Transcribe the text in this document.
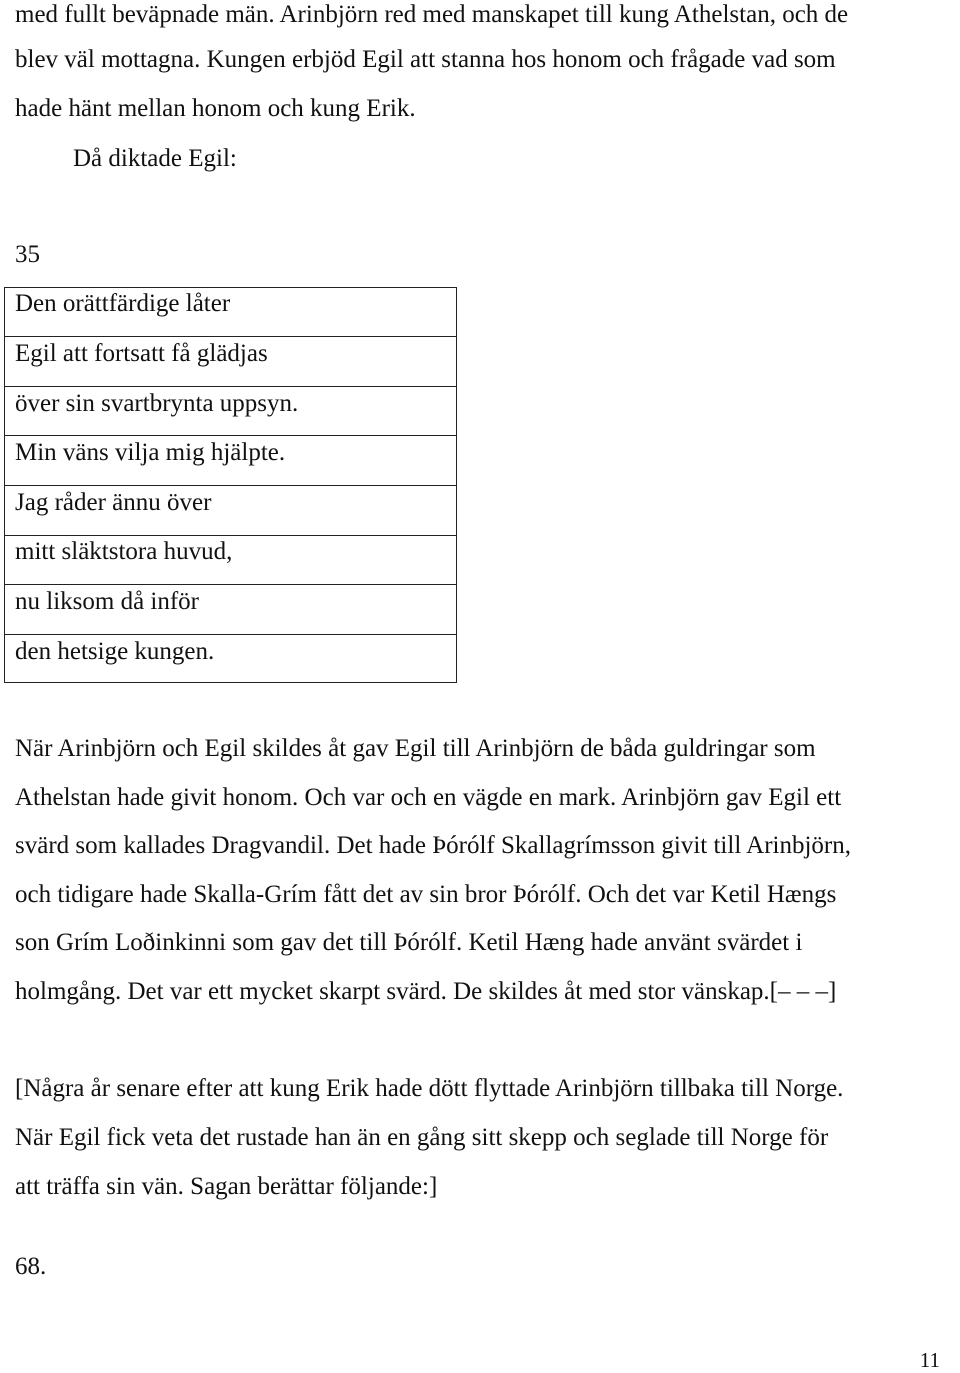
med fullt beväpnade män. Arinbjörn red med manskapet till kung Athelstan, och de
blev väl mottagna. Kungen erbjöd Egil att stanna hos honom och frågade vad som
hade hänt mellan honom och kung Erik.
Då diktade Egil:
35
Den orättfärdige låter
Egil att fortsatt få glädjas
över sin svartbrynta uppsyn.
Min väns vilja mig hjälpte.
Jag råder ännu över
mitt släktstora huvud,
nu liksom då inför
den hetsige kungen.
När Arinbjörn och Egil skildes åt gav Egil till Arinbjörn de båda guldringar som
Athelstan hade givit honom. Och var och en vägde en mark. Arinbjörn gav Egil ett
svärd som kallades Dragvandil. Det hade Þórólf Skallagrímsson givit till Arinbjörn,
och tidigare hade Skalla-Grím fått det av sin bror Þórólf. Och det var Ketil Hængs
son Grím Loðinkinni som gav det till Þórólf. Ketil Hæng hade använt svärdet i
holmgång. Det var ett mycket skarpt svärd. De skildes åt med stor vänskap.[– – –]
[Några år senare efter att kung Erik hade dött flyttade Arinbjörn tillbaka till Norge.
När Egil fick veta det rustade han än en gång sitt skepp och seglade till Norge för
att träffa sin vän. Sagan berättar följande:]
68.
11
